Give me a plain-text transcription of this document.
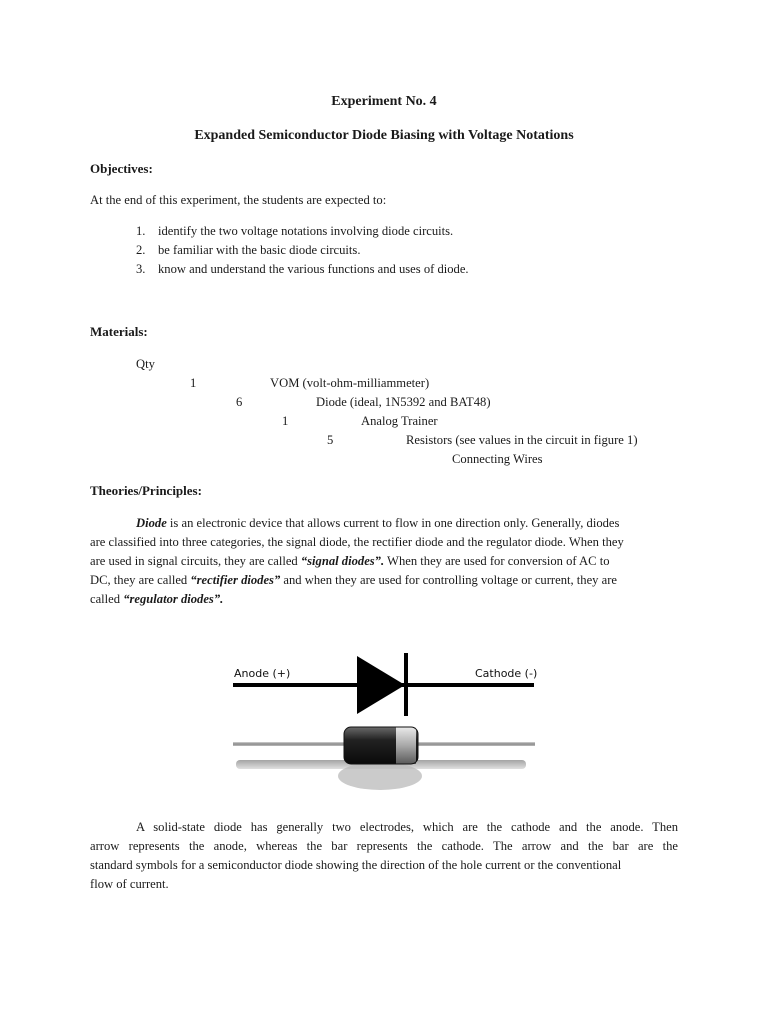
Experiment No. 4
Expanded Semiconductor Diode Biasing with Voltage Notations
Objectives:
At the end of this experiment, the students are expected to:
1. identify the two voltage notations involving diode circuits.
2. be familiar with the basic diode circuits.
3. know and understand the various functions and uses of diode.
Materials:
Qty
1	VOM (volt-ohm-milliammeter)
6	Diode (ideal, 1N5392 and BAT48)
1	Analog Trainer
5	Resistors (see values in the circuit in figure 1)
Connecting Wires
Theories/Principles:
Diode is an electronic device that allows current to flow in one direction only. Generally, diodes
are classified into three categories, the signal diode, the rectifier diode and the regulator diode. When they
are used in signal circuits, they are called “signal diodes”. When they are used for conversion of AC to
DC, they are called “rectifier diodes” and when they are used for controlling voltage or current, they are
called “regulator diodes”.
Anode (+)	Cathode (-)
A solid-state diode has generally two electrodes, which are the cathode and the anode. Then
arrow represents the anode, whereas the bar represents the cathode. The arrow and the bar are the
standard symbols for a semiconductor diode showing the direction of the hole current or the conventional
flow of current.
